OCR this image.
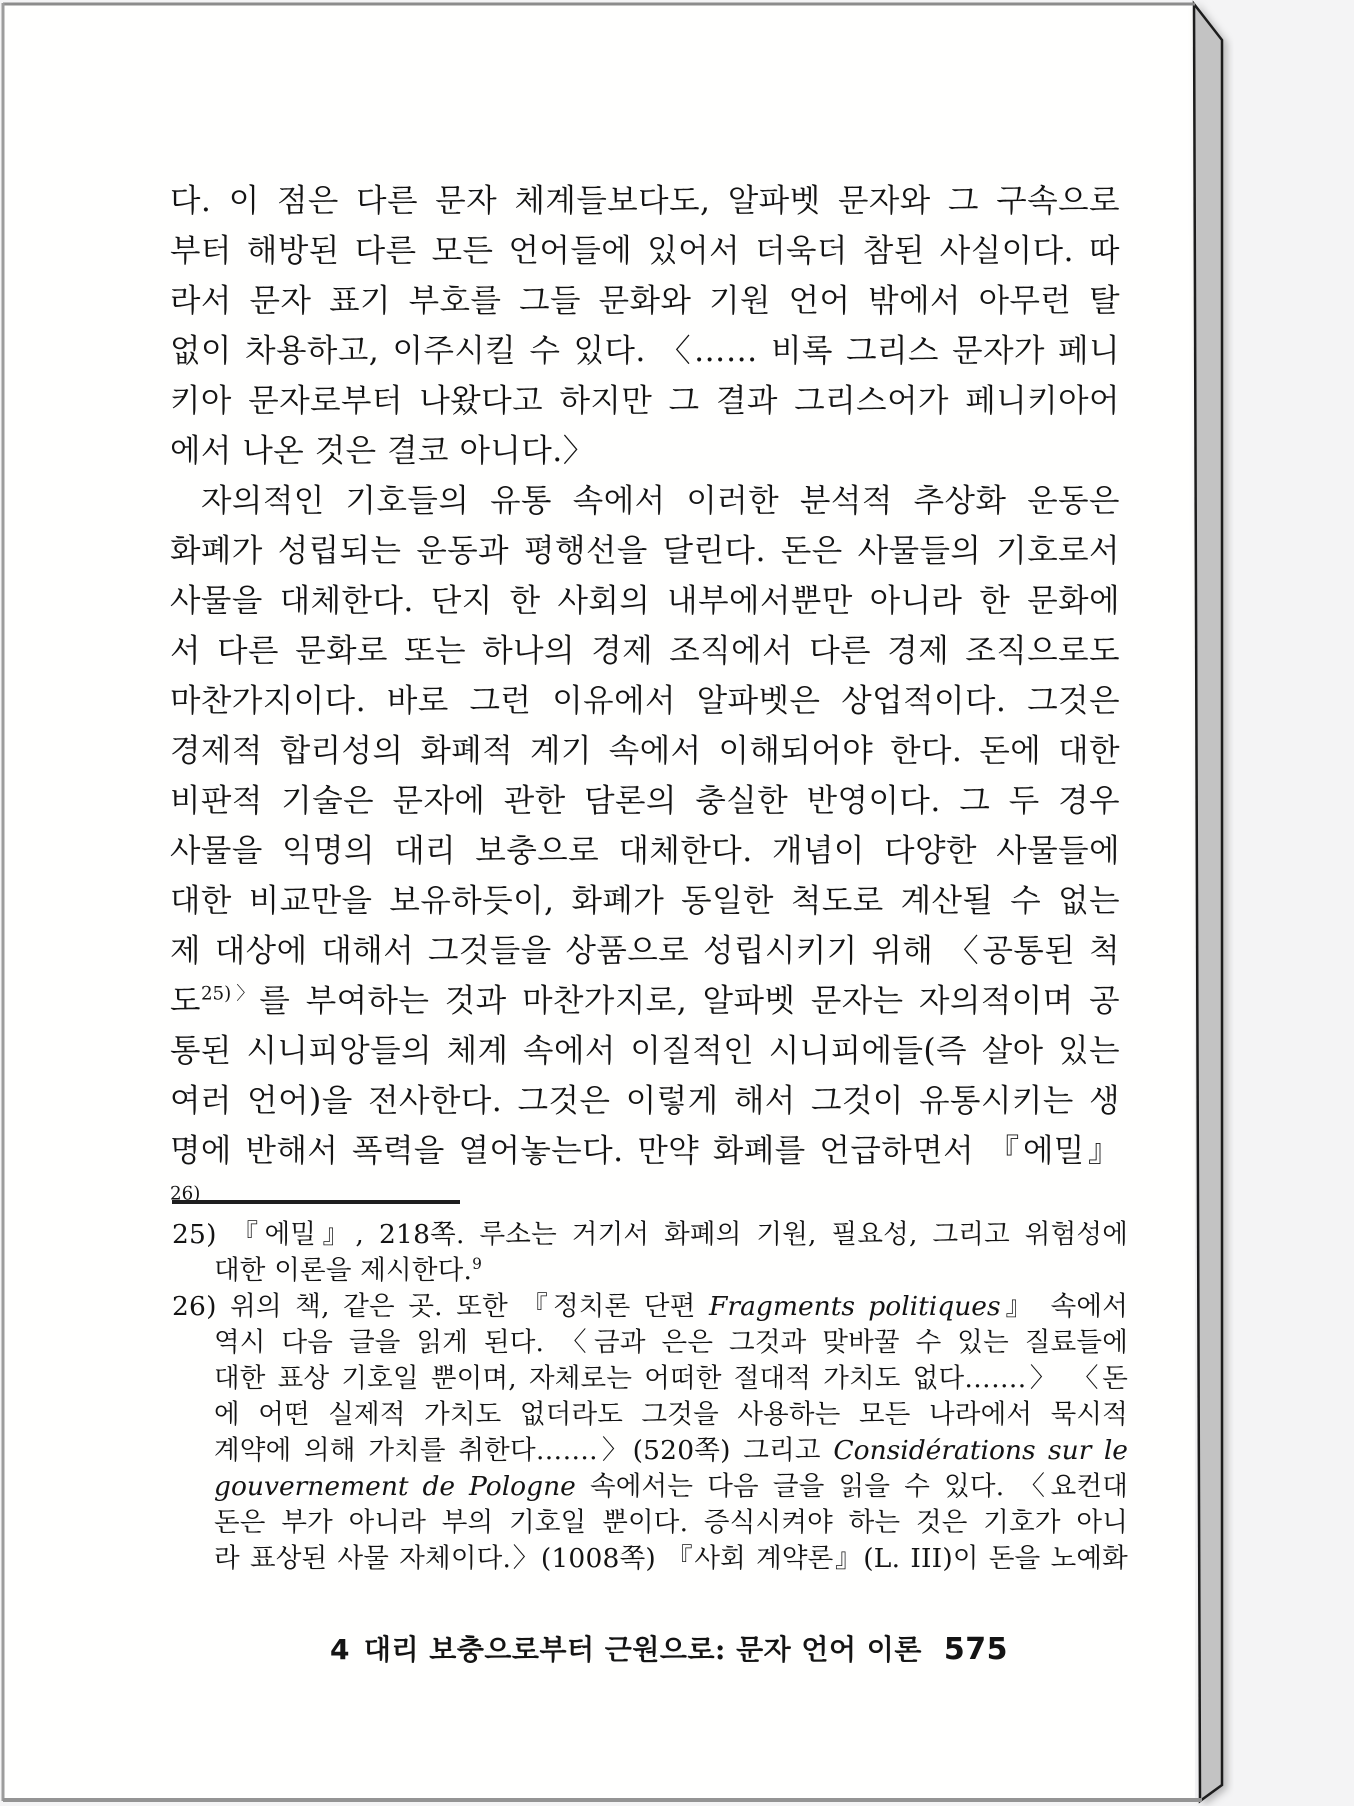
다. 이 점은 다른 문자 체계들보다도, 알파벳 문자와 그 구속으로
부터 해방된 다른 모든 언어들에 있어서 더욱더 참된 사실이다. 따
라서 문자 표기 부호를 그들 문화와 기원 언어 밖에서 아무런 탈
없이 차용하고, 이주시킬 수 있다. 〈…… 비록 그리스 문자가 페니
키아 문자로부터 나왔다고 하지만 그 결과 그리스어가 페니키아어
에서 나온 것은 결코 아니다.〉
자의적인 기호들의 유통 속에서 이러한 분석적 추상화 운동은
화폐가 성립되는 운동과 평행선을 달린다. 돈은 사물들의 기호로서
사물을 대체한다. 단지 한 사회의 내부에서뿐만 아니라 한 문화에
서 다른 문화로 또는 하나의 경제 조직에서 다른 경제 조직으로도
마찬가지이다. 바로 그런 이유에서 알파벳은 상업적이다. 그것은
경제적 합리성의 화폐적 계기 속에서 이해되어야 한다. 돈에 대한
비판적 기술은 문자에 관한 담론의 충실한 반영이다. 그 두 경우
사물을 익명의 대리 보충으로 대체한다. 개념이 다양한 사물들에
대한 비교만을 보유하듯이, 화폐가 동일한 척도로 계산될 수 없는
제 대상에 대해서 그것들을 상품으로 성립시키기 위해 〈공통된 척
도$^{25)〉}$를 부여하는 것과 마찬가지로, 알파벳 문자는 자의적이며 공
통된 시니피앙들의 체계 속에서 이질적인 시니피에들(즉 살아 있는
여러 언어)을 전사한다. 그것은 이렇게 해서 그것이 유통시키는 생
명에 반해서 폭력을 열어놓는다. 만약 화폐를 언급하면서 『에밀』$^{26)}$
25) 『에밀』, 218쪽. 루소는 거기서 화폐의 기원, 필요성, 그리고 위험성에
대한 이론을 제시한다.$^9$
26) 위의 책, 같은 곳. 또한 『정치론 단편 Fragments politiques』 속에서
역시 다음 글을 읽게 된다. 〈금과 은은 그것과 맞바꿀 수 있는 질료들에
대한 표상 기호일 뿐이며, 자체로는 어떠한 절대적 가치도 없다…….〉 〈돈
에 어떤 실제적 가치도 없더라도 그것을 사용하는 모든 나라에서 묵시적
계약에 의해 가치를 취한다…….〉(520쪽) 그리고 Considérations sur le
gouvernement de Pologne 속에서는 다음 글을 읽을 수 있다. 〈요컨대
돈은 부가 아니라 부의 기호일 뿐이다. 증식시켜야 하는 것은 기호가 아니
라 표상된 사물 자체이다.〉(1008쪽) 『사회 계약론』(L. III)이 돈을 노예화
4 대리 보충으로부터 근원으로: 문자 언어 이론 575
